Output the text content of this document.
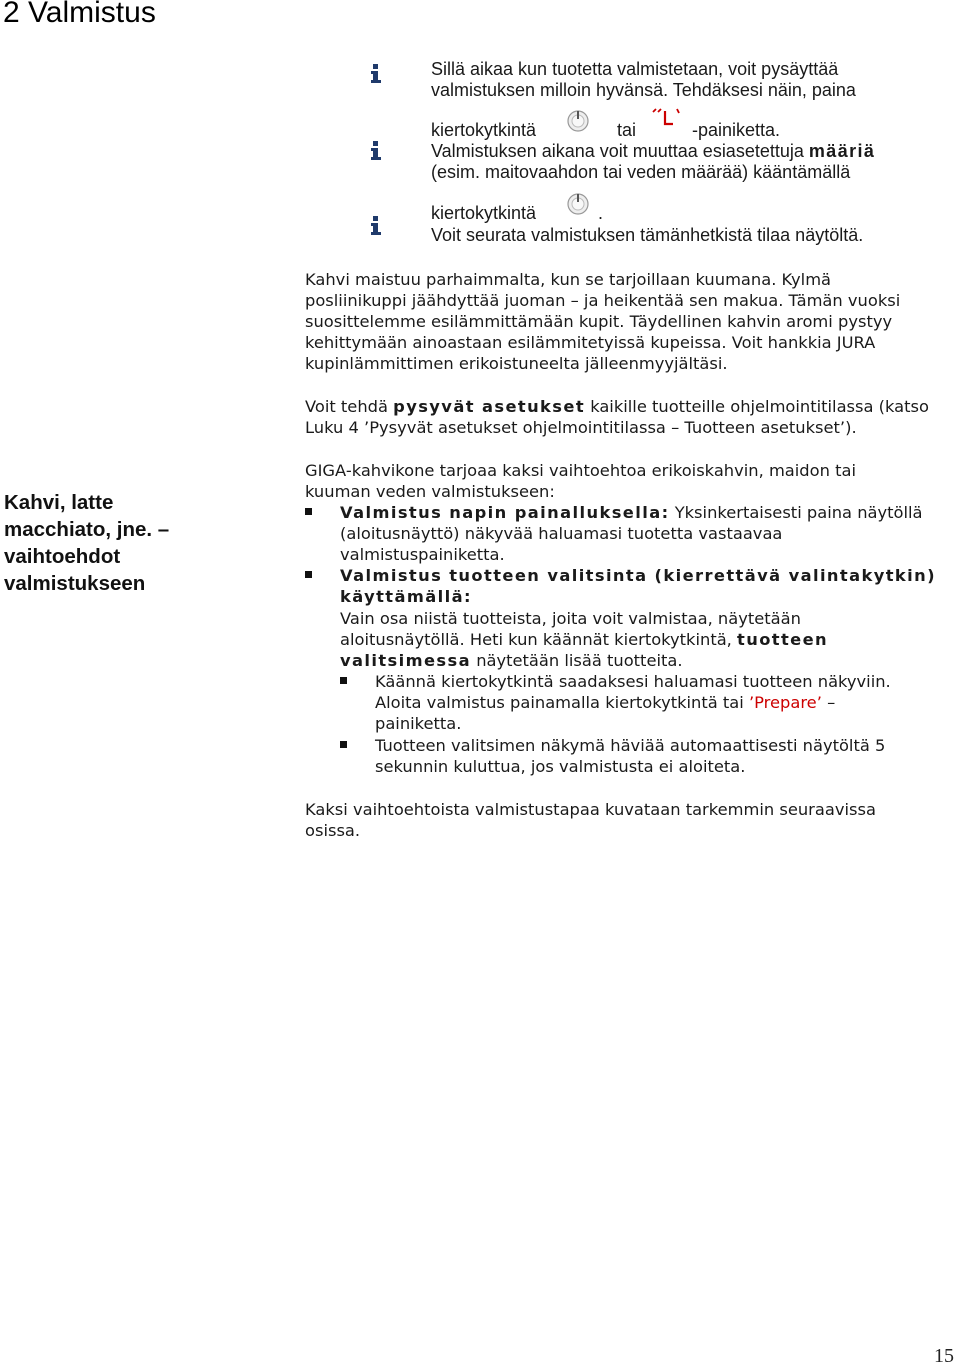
2 Valmistus
Sillä aikaa kun tuotetta valmistetaan, voit pysäyttää
valmistuksen milloin hyvänsä. Tehdäksesi näin, paina
kiertokytkintä	tai	-painiketta.
Valmistuksen aikana voit muuttaa esiasetettuja määriä
(esim. maitovaahdon tai veden määrää) kääntämällä
kiertokytkintä	.
Voit seurata valmistuksen tämänhetkistä tilaa näytöltä.
Kahvi maistuu parhaimmalta, kun se tarjoillaan kuumana. Kylmä
posliinikuppi jäähdyttää juoman – ja heikentää sen makua. Tämän vuoksi
suosittelemme esilämmittämään kupit. Täydellinen kahvin aromi pystyy
kehittymään ainoastaan esilämmitetyissä kupeissa. Voit hankkia JURA
kupinlämmittimen erikoistuneelta jälleenmyyjältäsi.
Voit tehdä pysyvät asetukset kaikille tuotteille ohjelmointitilassa (katso
Luku 4 ’Pysyvät asetukset ohjelmointitilassa – Tuotteen asetukset’).
Kahvi, latte
macchiato, jne. –
vaihtoehdot
valmistukseen
GIGA-kahvikone tarjoaa kaksi vaihtoehtoa erikoiskahvin, maidon tai
kuuman veden valmistukseen:
Valmistus napin painalluksella: Yksinkertaisesti paina näytöllä
(aloitusnäyttö) näkyvää haluamasi tuotetta vastaavaa
valmistuspainiketta.
Valmistus tuotteen valitsinta (kierrettävä valintakytkin)
käyttämällä:
Vain osa niistä tuotteista, joita voit valmistaa, näytetään
aloitusnäytöllä. Heti kun käännät kiertokytkintä, tuotteen
valitsimessa näytetään lisää tuotteita.
Käännä kiertokytkintä saadaksesi haluamasi tuotteen näkyviin.
Aloita valmistus painamalla kiertokytkintä tai ’Prepare’ –
painiketta.
Tuotteen valitsimen näkymä häviää automaattisesti näytöltä 5
sekunnin kuluttua, jos valmistusta ei aloiteta.
Kaksi vaihtoehtoista valmistustapaa kuvataan tarkemmin seuraavissa
osissa.
15
